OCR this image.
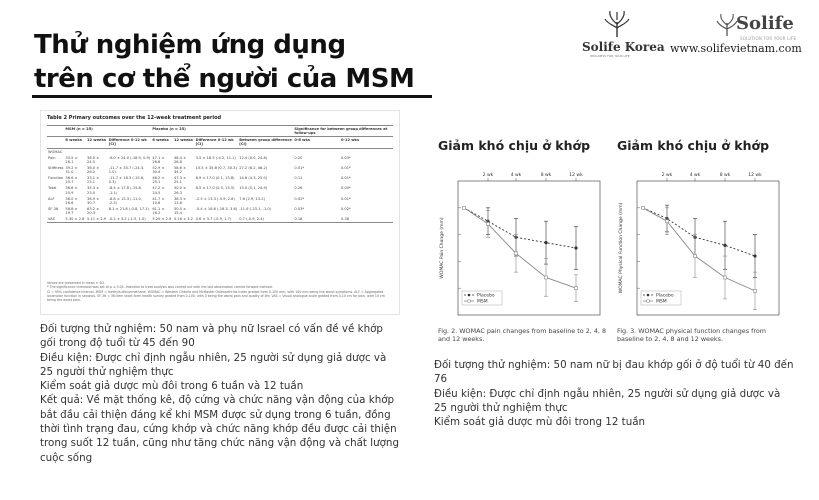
Thử nghiệm ứng dụng
trên cơ thể người của MSM
Solife Korea
WELLNESS FOR YOUR LIFE
Solife
SOLUTION FOR YOUR LIFE
www.solifevietnam.com
Table 2 Primary outcomes over the 12-week treatment period
	MSM (n = 25)			Placebo (n = 25)				Significance for between group differences at follow-ups	
	6 weeks	12 weeks	Difference 0-12 wk [CI]	6 weeks	12 weeks	Difference 0-12 wk [CI]	Between group difference [CI]	0-6 wks	0-12 wks
WOMAC									
Pain	33.5 ± 26.1	36.0 ± 24.5	-9.0 ± 24.0 (-18.9, 0.9)	47.1 ± 26.6	48.4 ± 26.8	3.5 ± 18.5 (-4.2, 11.1)	12.4 (0.0, 24.8)	0.20	0.03*
Stiffness	39.2 ± 31.0	36.0 ± 26.2	-11.7 ± 30.7 (-24.3, 1.0)	52.9 ± 30.4	58.6 ± 34.2	15.5 ± 35.8 (0.7, 30.3)	27.2 (6.2, 46.2)	0.01*	0.01*
Function	36.6 ± 25.7	33.1 ± 23.1	-11.7 ± 18.3 (-15.6, 0.3)	46.2 ± 25.1	47.3 ± 25.1	6.9 ± 17.0 (0.1, 13.8)	14.6 (4.3, 25.0)	0.11	0.01*
Total	36.6 ± 25.9	35.3 ± 23.0	-8.4 ± 17.8 (-15.8, -1.1)	47.2 ± 24.5	50.0 ± 26.3	6.5 ± 17.0 (0.5, 13.5)	15.0 (5.1, 24.9)	0.26	0.00*
ALF	36.0 ± 16.6	36.9 ± 30.7	-8.8 ± 13.3 (-11.0, -2.5)	41.7 ± 10.6	38.3 ± 13.8	-2.5 ± 13.3 (-5.9, 2.8)	7.6 (2.9, 13.2)	0.02*	0.01*
SF-36	58.8 ± 19.7	63.2 ± 20.3	8.1 ± 21.8 (-0.8, 17.1)	61.1 ± 16.2	50.5 ± 15.4	-5.4 ± 16.6 (-16.5, 3.6)	-11.6 (-23.1, -1.0)	0.03*	0.02*
VAS	5.30 ± 2.8	5.11 ± 2.9	-0.2 ± 3.2 (-1.5, 1.0)	5.20 ± 2.9	5.16 ± 3.2	0.6 ± 3.7 (-0.9, 1.7)	0.7 (-0.9, 2.4)	0.18	0.38
Values are presented in mean ± SD.
* The significance threshold was set at p ≤ 0.05. Intention to treat analysis was carried out with the last observation carried forward method.
CI = 95% confidence interval. MSM = methylsulfonylmethane. WOMAC = Western Ontario and McMaster Osteoarthritis Index graded from 0-100 mm, with 100 mm being the worst symptoms. ALF = Aggregated locomotor function in seconds. SF-36 = 36-item short-form health survey graded from 0-100, with 0 being the worst pain and quality of life. VAS = Visual analogue scale graded from 0-10 cm for pain, with 10 cm being the worst pain.

Đối tượng thử nghiệm: 50 nam và phụ nữ Israel có vấn đề về khớp gối trong độ tuổi từ 45 đến 90

Điều kiện: Được chỉ định ngẫu nhiên, 25 người sử dụng giả dược và 25 người thử nghiệm thực

Kiểm soát giả dược mù đôi trong 6 tuần và 12 tuần

Kết quả: Về mặt thống kê, độ cứng và chức năng vận động của khớp bắt đầu cải thiện đáng kể khi MSM được sử dụng trong 6 tuần, đồng thời tình trạng đau, cứng khớp và chức năng khớp đều được cải thiện trong suốt 12 tuần, cũng như tăng chức năng vận động và chất lượng cuộc sống

Giảm khó chịu ở khớp Giảm khó chịu ở khớp
2 wk	4 wk	8 wk	12 wk
WOMAC Pain Change (mm)
Placebo
MSM
2 wk	4 wk	8 wk	12 wk
WOMAC Physical Function Change (mm)
Placebo
MSM
Fig. 2. WOMAC pain changes from baseline to 2, 4, 8 and 12 weeks.
Fig. 3. WOMAC physical function changes from baseline to 2, 4, 8 and 12 weeks.

Đối tượng thử nghiệm: 50 nam nữ bị đau khớp gối ở độ tuổi từ 40 đến 76

Điều kiện: Được chỉ định ngẫu nhiên, 25 người sử dụng giả dược và 25 người thử nghiệm thực

Kiểm soát giả dược mù đôi trong 12 tuần
